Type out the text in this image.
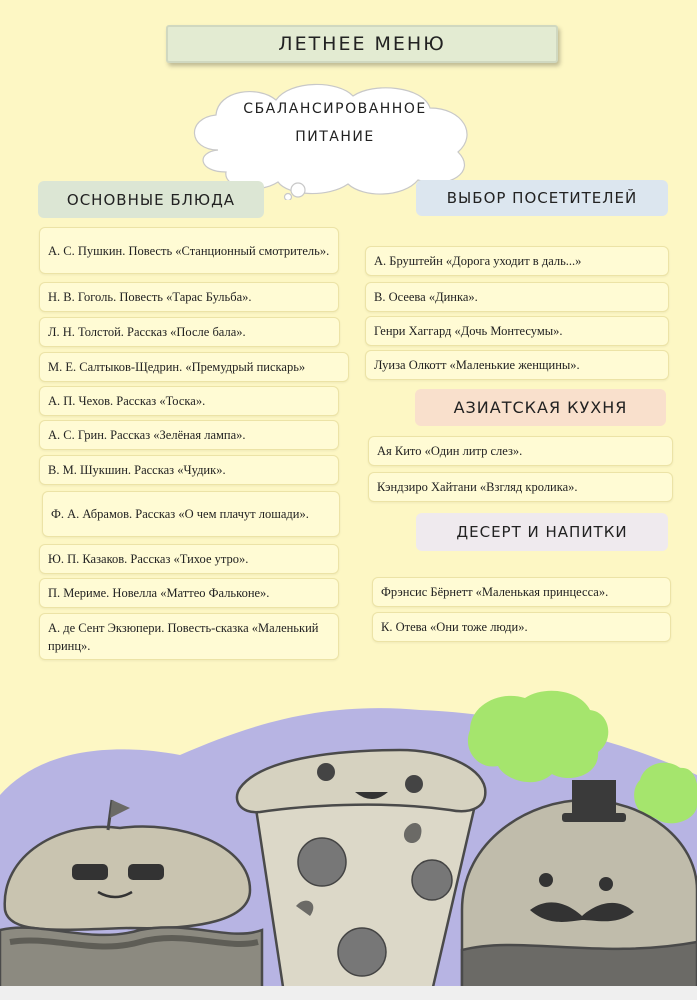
ЛЕТНЕЕ МЕНЮ
СБАЛАНСИРОВАННОЕ
ПИТАНИЕ
ОСНОВНЫЕ БЛЮДА	ВЫБОР ПОСЕТИТЕЛЕЙ
АЗИАТСКАЯ КУХНЯ
ДЕСЕРТ И НАПИТКИ
А. С. Пушкин. Повесть «Станционный смотритель».
Н. В. Гоголь. Повесть «Тарас Бульба».
Л. Н. Толстой. Рассказ «После бала».
М. Е. Салтыков-Щедрин. «Премудрый пискарь»
А. П. Чехов. Рассказ «Тоска».
А. С. Грин. Рассказ «Зелёная лампа».
В. М. Шукшин. Рассказ «Чудик».
Ф. А. Абрамов. Рассказ «О чем плачут лошади».
Ю. П. Казаков. Рассказ «Тихое утро».
П. Мериме. Новелла «Маттео Фальконе».
А. де Сент Экзюпери. Повесть-сказка «Маленький принц».
А. Бруштейн «Дорога уходит в даль...»
В. Осеева «Динка».
Генри Хаггард «Дочь Монтесумы».
Луиза Олкотт «Маленькие женщины».
Ая Кито «Один литр слез».
Кэндзиро Хайтани «Взгляд кролика».
Фрэнсис Бёрнетт «Маленькая принцесса».
К. Отева «Они тоже люди».
